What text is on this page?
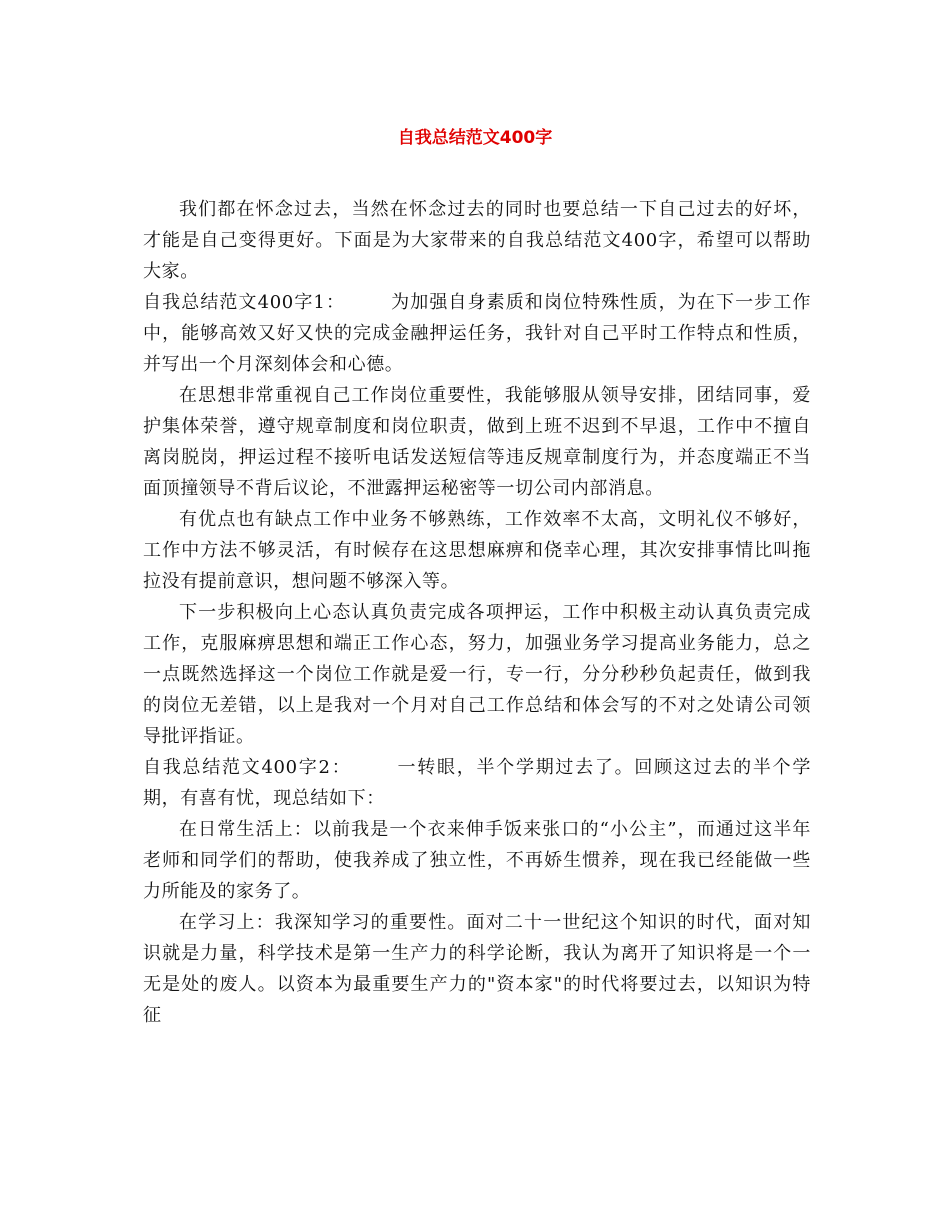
自我总结范文400字

我们都在怀念过去，当然在怀念过去的同时也要总结一下自己过去的好坏，才能是自己变得更好。下面是为大家带来的自我总结范文400字，希望可以帮助大家。

自我总结范文400字1：	为加强自身素质和岗位特殊性质，为在下一步工作中，能够高效又好又快的完成金融押运任务，我针对自己平时工作特点和性质，并写出一个月深刻体会和心德。

在思想非常重视自己工作岗位重要性，我能够服从领导安排，团结同事，爱护集体荣誉，遵守规章制度和岗位职责，做到上班不迟到不早退，工作中不擅自离岗脱岗，押运过程不接听电话发送短信等违反规章制度行为，并态度端正不当面顶撞领导不背后议论，不泄露押运秘密等一切公司内部消息。

有优点也有缺点工作中业务不够熟练，工作效率不太高，文明礼仪不够好，工作中方法不够灵活，有时候存在这思想麻痹和侥幸心理，其次安排事情比叫拖拉没有提前意识，想问题不够深入等。

下一步积极向上心态认真负责完成各项押运，工作中积极主动认真负责完成工作，克服麻痹思想和端正工作心态，努力，加强业务学习提高业务能力，总之一点既然选择这一个岗位工作就是爱一行，专一行，分分秒秒负起责任，做到我的岗位无差错，以上是我对一个月对自己工作总结和体会写的不对之处请公司领导批评指证。

自我总结范文400字2：	一转眼，半个学期过去了。回顾这过去的半个学期，有喜有忧，现总结如下：

在日常生活上：以前我是一个衣来伸手饭来张口的“小公主”，而通过这半年老师和同学们的帮助，使我养成了独立性，不再娇生惯养，现在我已经能做一些力所能及的家务了。

在学习上：我深知学习的重要性。面对二十一世纪这个知识的时代，面对知识就是力量，科学技术是第一生产力的科学论断，我认为离开了知识将是一个一无是处的废人。以资本为最重要生产力的"资本家"的时代将要过去，以知识为特征
